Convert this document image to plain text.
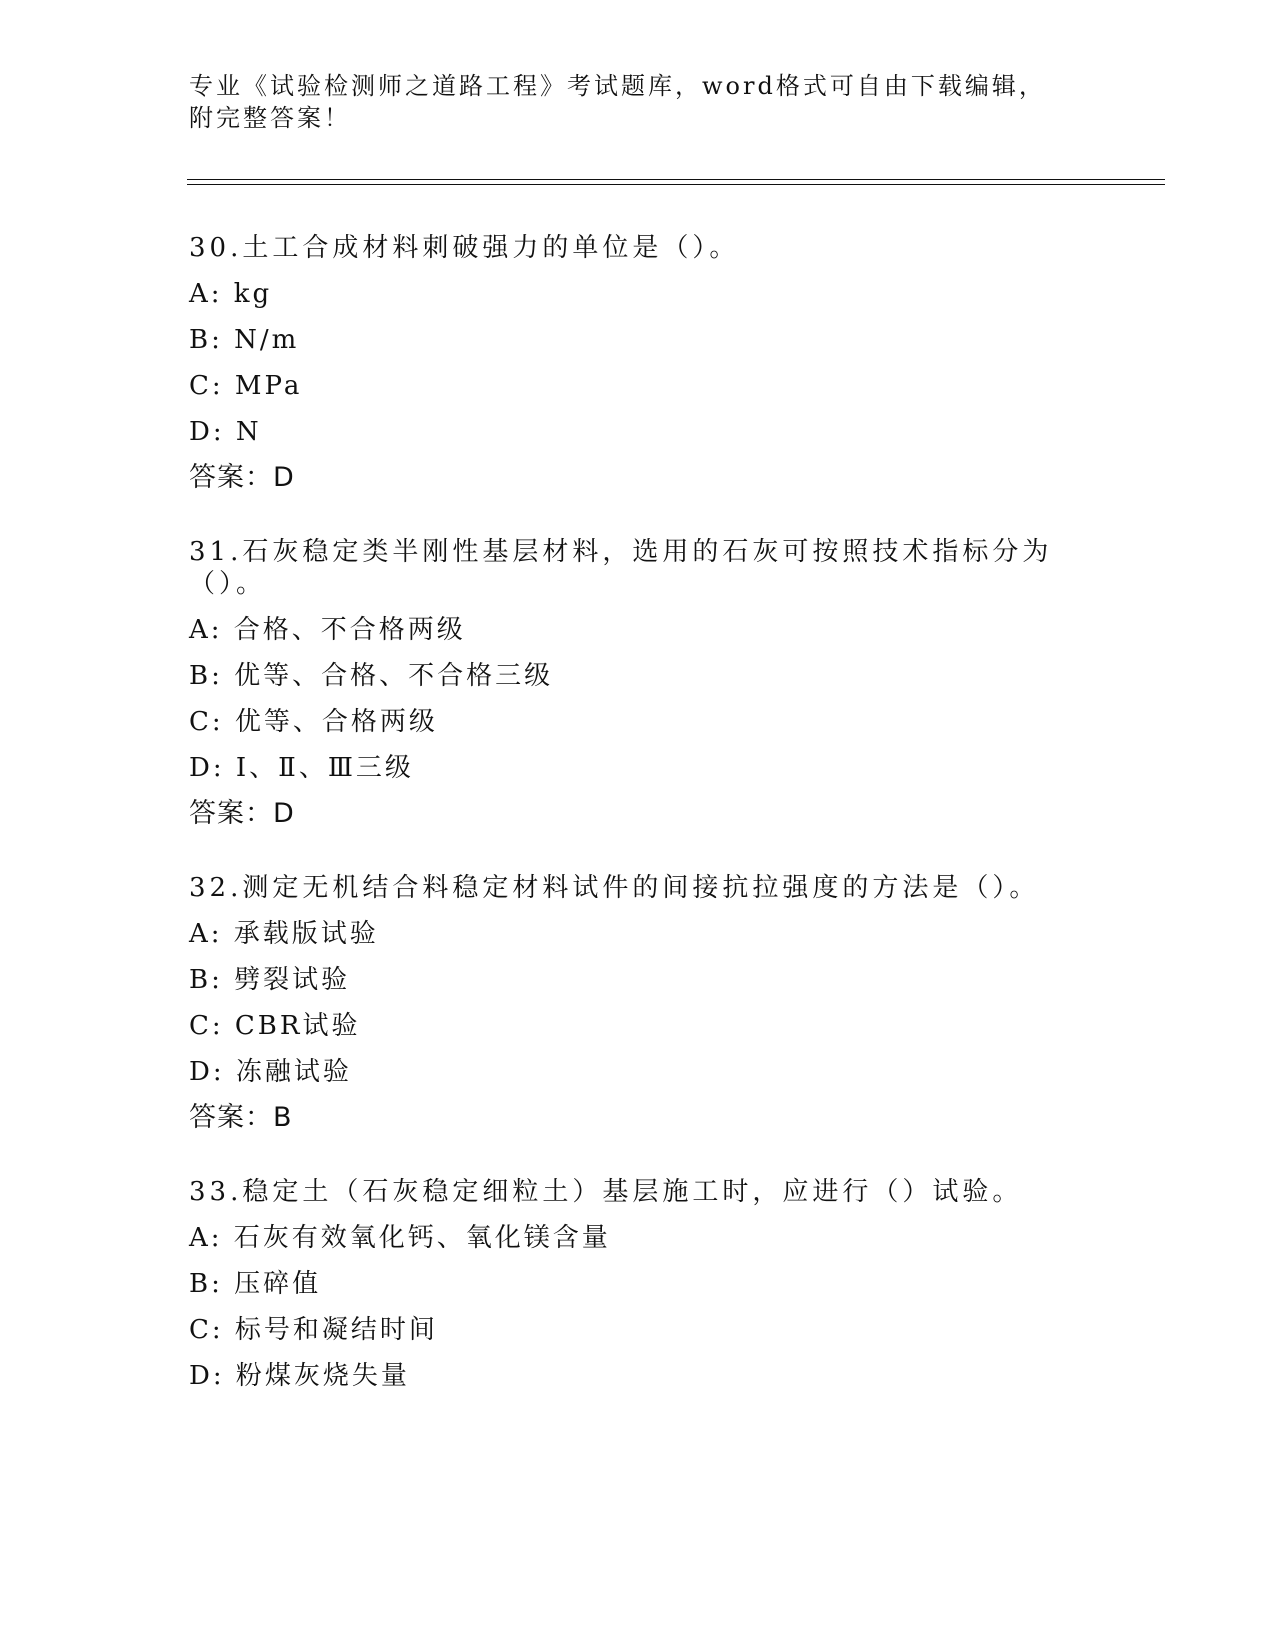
专业《试验检测师之道路工程》考试题库，word格式可自由下载编辑，附完整答案！
30.土工合成材料刺破强力的单位是（）。
A: kg
B: N/m
C: MPa
D: N
答案：D
31.石灰稳定类半刚性基层材料，选用的石灰可按照技术指标分为（）。
A: 合格、不合格两级
B: 优等、合格、不合格三级
C: 优等、合格两级
D: Ⅰ、Ⅱ、Ⅲ三级
答案：D
32.测定无机结合料稳定材料试件的间接抗拉强度的方法是（）。
A: 承载版试验
B: 劈裂试验
C: CBR试验
D: 冻融试验
答案：B
33.稳定土（石灰稳定细粒土）基层施工时，应进行（）试验。
A: 石灰有效氧化钙、氧化镁含量
B: 压碎值
C: 标号和凝结时间
D: 粉煤灰烧失量
